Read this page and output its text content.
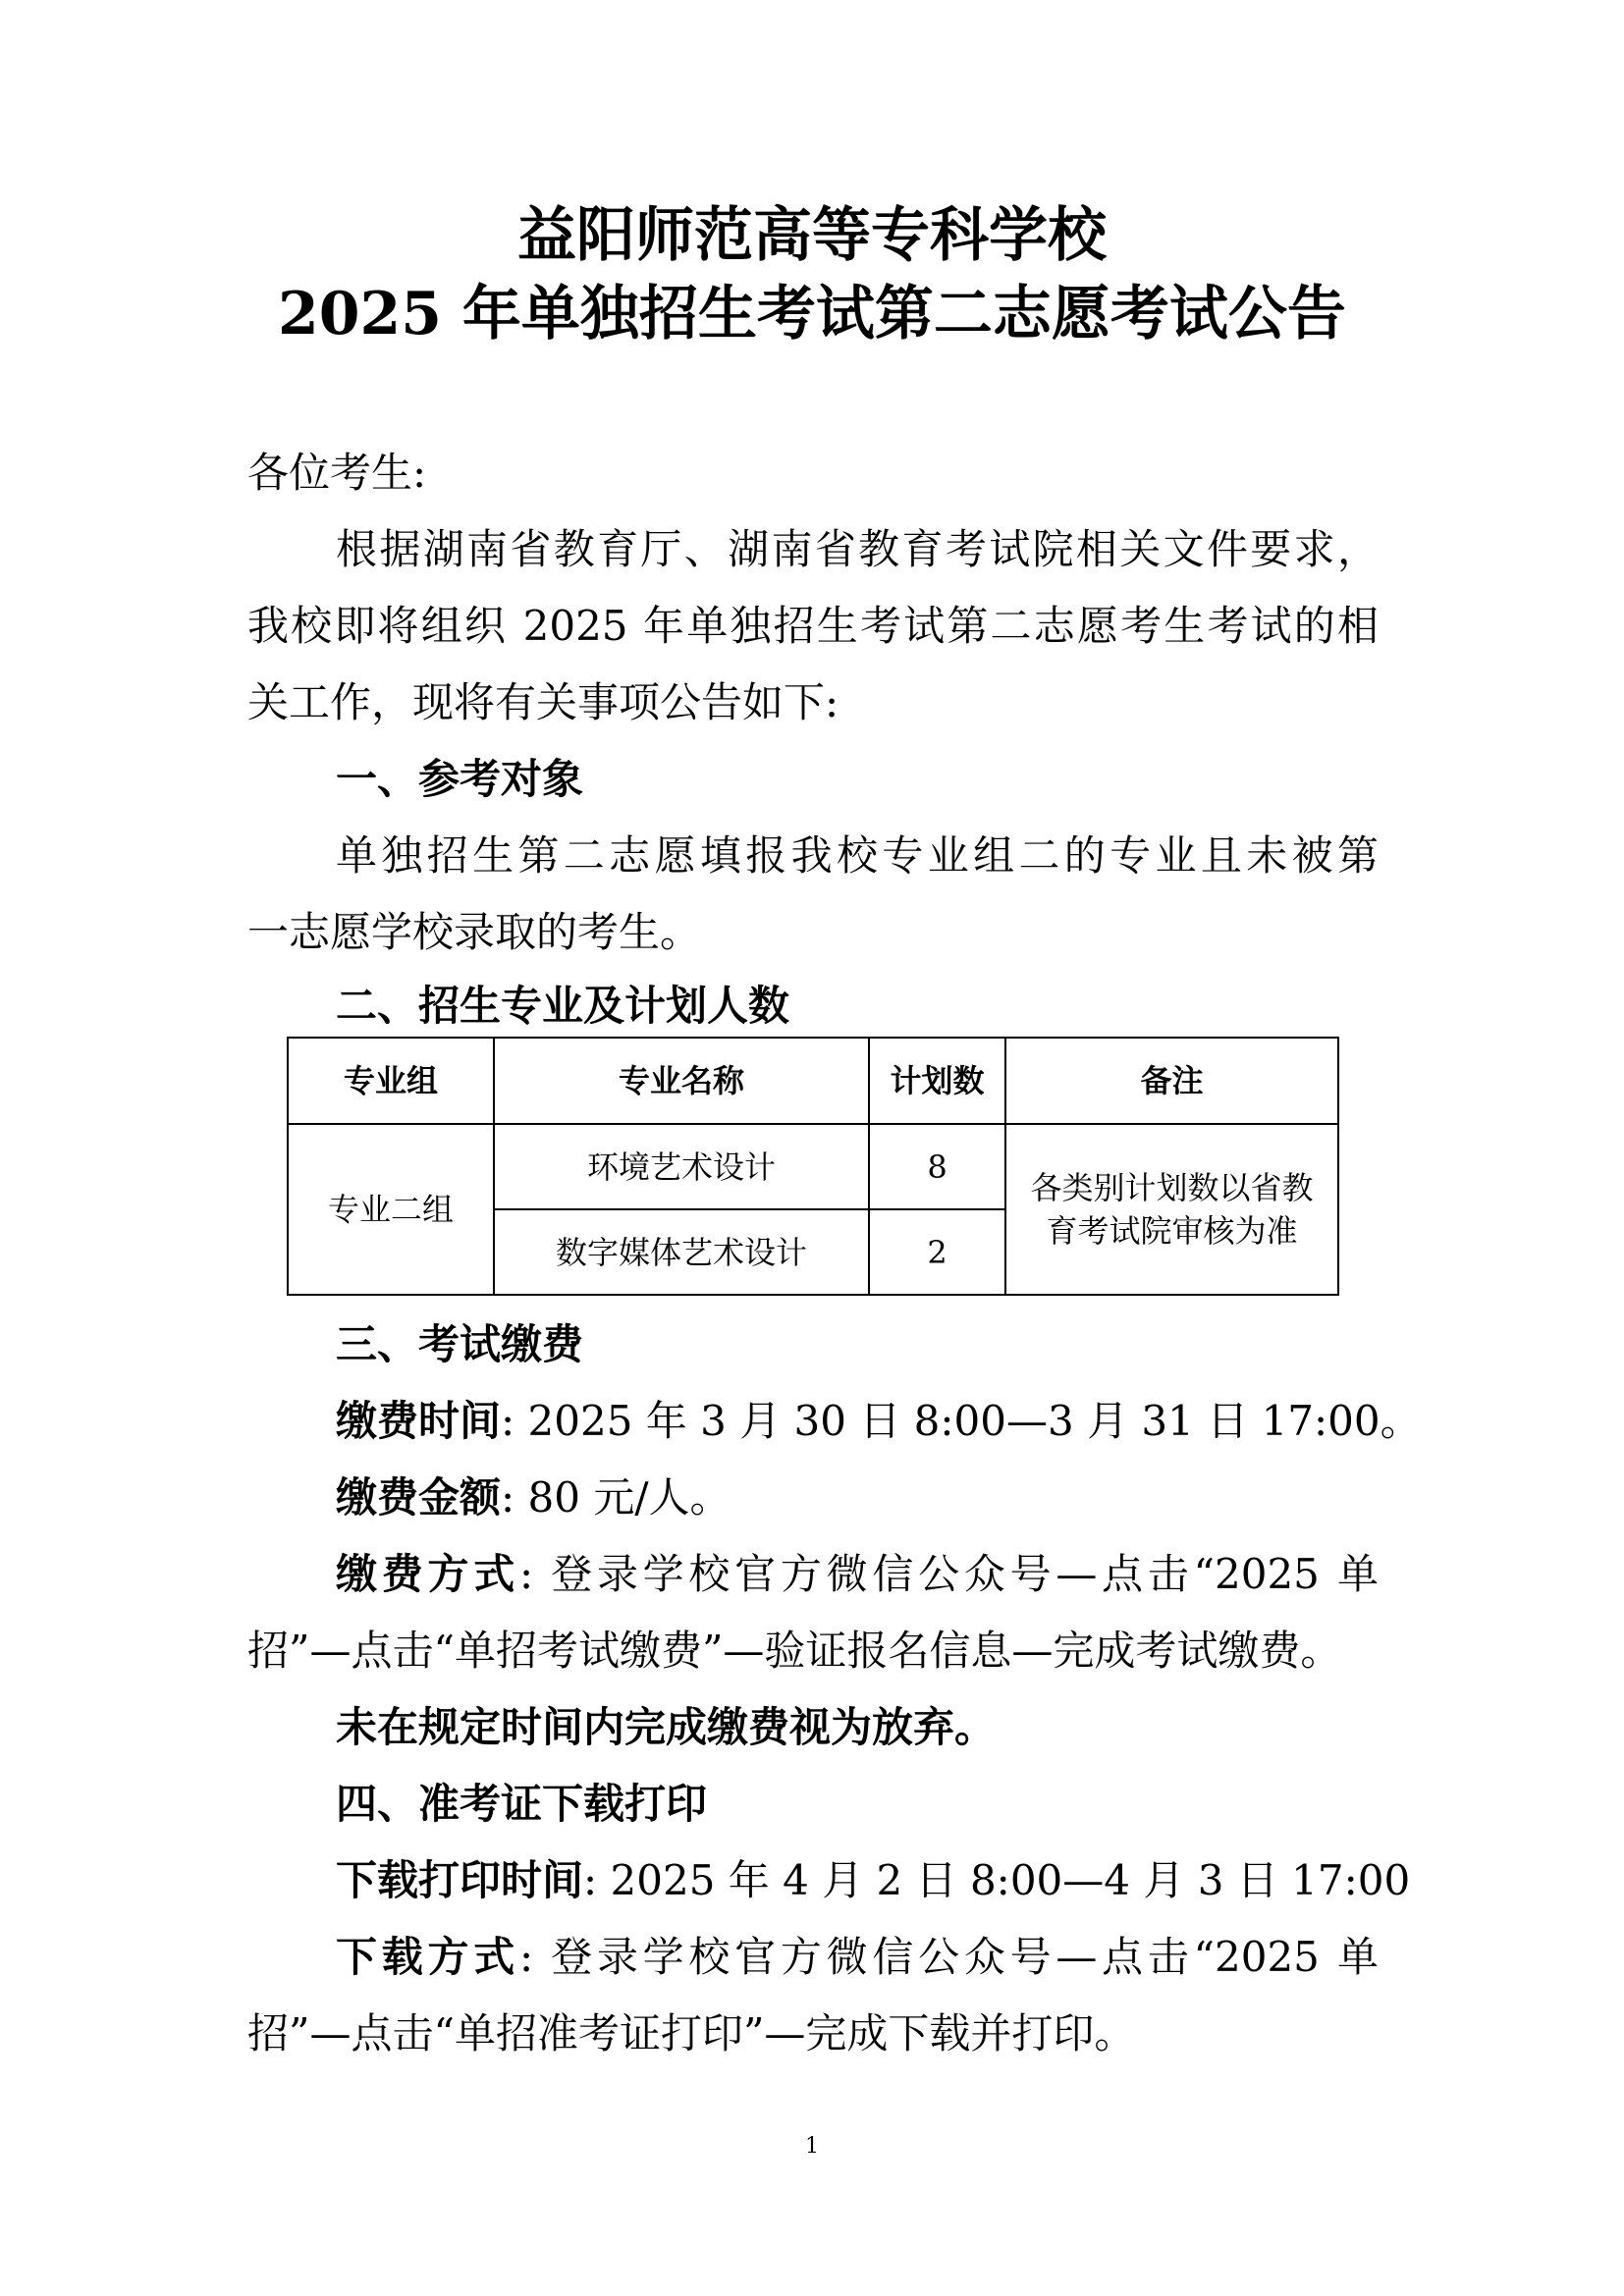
益阳师范高等专科学校
2025 年单独招生考试第二志愿考试公告
各位考生:
根据湖南省教育厅、湖南省教育考试院相关文件要求，
我校即将组织 2025 年单独招生考试第二志愿考生考试的相
关工作，现将有关事项公告如下:
一、参考对象
单独招生第二志愿填报我校专业组二的专业且未被第
一志愿学校录取的考生。
二、招生专业及计划人数
专业组	专业名称	计划数	备注
专业二组	环境艺术设计	8	各类别计划数以省教
育考试院审核为准

	数字媒体艺术设计	2	
三、考试缴费
缴费时间: 2025 年 3 月 30 日 8:00—3 月 31 日 17:00。
缴费金额: 80 元/人。
缴费方式: 登录学校官方微信公众号—点击“2025 单
招”—点击“单招考试缴费”—验证报名信息—完成考试缴费。
未在规定时间内完成缴费视为放弃。
四、准考证下载打印
下载打印时间: 2025 年 4 月 2 日 8:00—4 月 3 日 17:00
下载方式: 登录学校官方微信公众号—点击“2025 单
招”—点击“单招准考证打印”—完成下载并打印。
1
